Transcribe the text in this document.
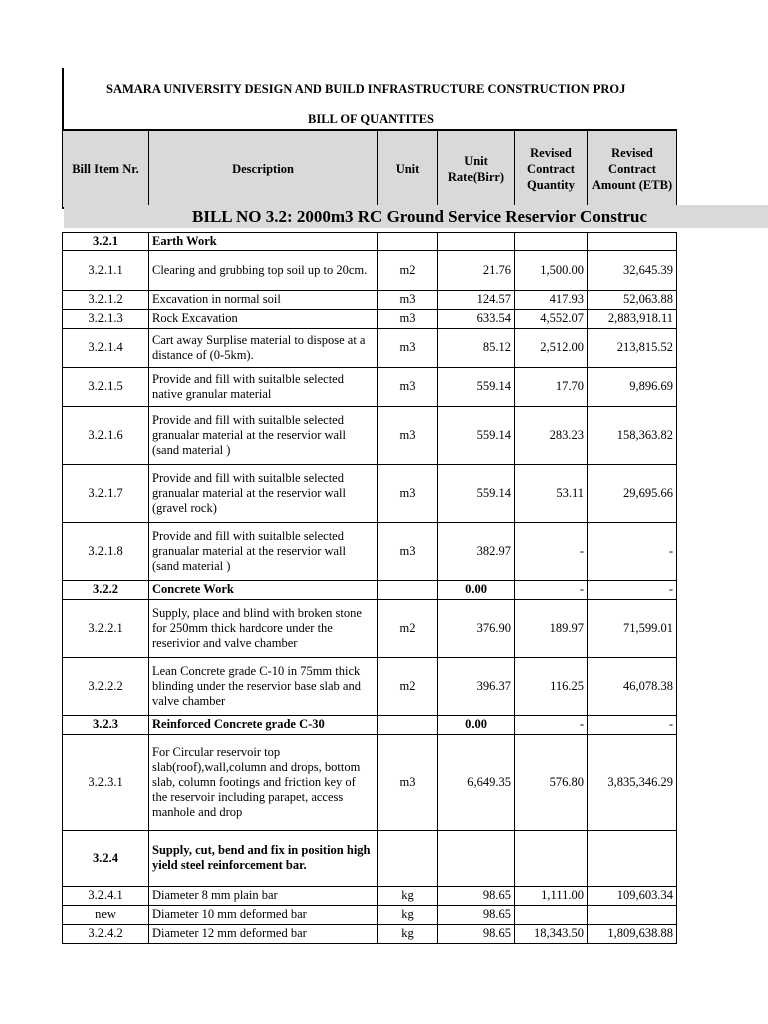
SAMARA UNIVERSITY DESIGN AND BUILD INFRASTRUCTURE CONSTRUCTION PROJ
BILL OF QUANTITES
Bill Item Nr.	Description	Unit	Unit Rate(Birr)	Revised Contract Quantity	Revised Contract Amount (ETB)

3.2.1	Earth Work				
3.2.1.1	Clearing and grubbing top soil up to 20cm.	m2	21.76	1,500.00	32,645.39
3.2.1.2	Excavation in normal soil	m3	124.57	417.93	52,063.88
3.2.1.3	Rock Excavation	m3	633.54	4,552.07	2,883,918.11
3.2.1.4	Cart away Surplise material to dispose at a distance of (0-5km).	m3	85.12	2,512.00	213,815.52
3.2.1.5	Provide and fill with suitalble selected native granular material	m3	559.14	17.70	9,896.69
3.2.1.6	Provide and fill with suitalble selected granualar material at the reservior wall (sand material )	m3	559.14	283.23	158,363.82
3.2.1.7	Provide and fill with suitalble selected granualar material at the reservior wall (gravel rock)	m3	559.14	53.11	29,695.66
3.2.1.8	Provide and fill with suitalble selected granualar material at the reservior wall (sand material )	m3	382.97	-	-
3.2.2	Concrete Work		0.00	-	-
3.2.2.1	Supply, place and blind with broken stone for 250mm thick hardcore under the reserivior and valve chamber	m2	376.90	189.97	71,599.01
3.2.2.2	Lean Concrete grade C-10 in 75mm thick blinding under the reservior base slab and valve chamber	m2	396.37	116.25	46,078.38
3.2.3	Reinforced Concrete grade C-30		0.00	-	-
3.2.3.1	For Circular reservoir top slab(roof),wall,column and drops, bottom slab, column footings and friction key of the reservoir including parapet, access manhole and drop	m3	6,649.35	576.80	3,835,346.29
3.2.4	Supply, cut, bend and fix in position high yield steel reinforcement bar.				
3.2.4.1	Diameter 8 mm plain bar	kg	98.65	1,111.00	109,603.34
new	Diameter 10 mm deformed bar	kg	98.65		
3.2.4.2	Diameter 12 mm deformed bar	kg	98.65	18,343.50	1,809,638.88
BILL NO 3.2: 2000m3 RC Ground Service Reservior Construc
